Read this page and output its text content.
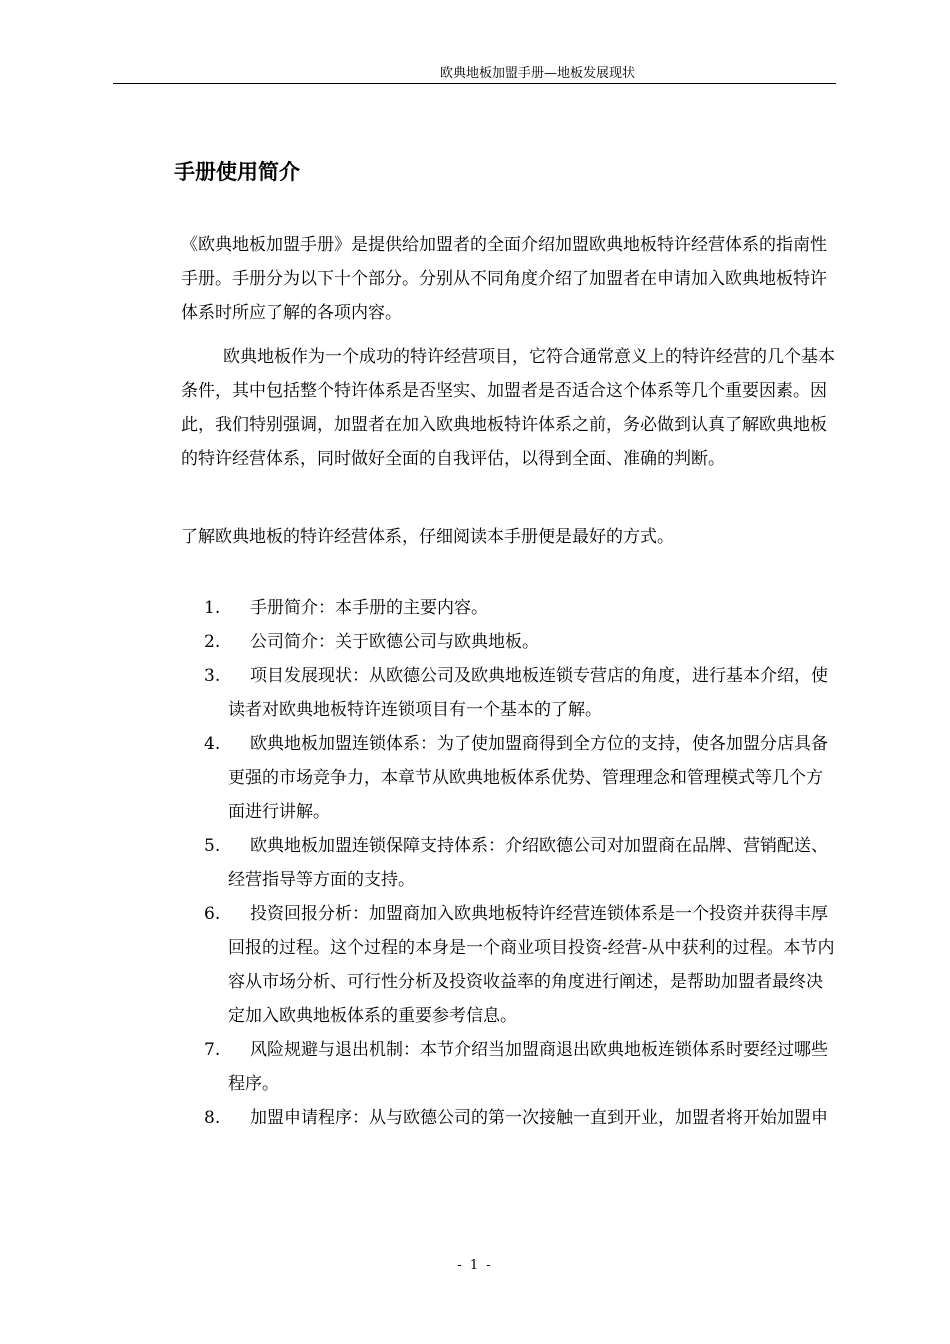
欧典地板加盟手册—地板发展现状
手册使用简介

《欧典地板加盟手册》是提供给加盟者的全面介绍加盟欧典地板特许经营体系的指南性手册。手册分为以下十个部分。分别从不同角度介绍了加盟者在申请加入欧典地板特许体系时所应了解的各项内容。

欧典地板作为一个成功的特许经营项目，它符合通常意义上的特许经营的几个基本条件，其中包括整个特许体系是否坚实、加盟者是否适合这个体系等几个重要因素。因此，我们特别强调，加盟者在加入欧典地板特许体系之前，务必做到认真了解欧典地板的特许经营体系，同时做好全面的自我评估，以得到全面、准确的判断。

了解欧典地板的特许经营体系，仔细阅读本手册便是最好的方式。

1.	手册简介：本手册的主要内容。
2.	公司简介：关于欧德公司与欧典地板。
3.	项目发展现状：从欧德公司及欧典地板连锁专营店的角度，进行基本介绍，使读者对欧典地板特许连锁项目有一个基本的了解。
4.	欧典地板加盟连锁体系：为了使加盟商得到全方位的支持，使各加盟分店具备更强的市场竞争力，本章节从欧典地板体系优势、管理理念和管理模式等几个方面进行讲解。
5.	欧典地板加盟连锁保障支持体系：介绍欧德公司对加盟商在品牌、营销配送、经营指导等方面的支持。
6.	投资回报分析：加盟商加入欧典地板特许经营连锁体系是一个投资并获得丰厚回报的过程。这个过程的本身是一个商业项目投资-经营-从中获利的过程。本节内容从市场分析、可行性分析及投资收益率的角度进行阐述，是帮助加盟者最终决定加入欧典地板体系的重要参考信息。
7.	风险规避与退出机制：本节介绍当加盟商退出欧典地板连锁体系时要经过哪些程序。
8.	加盟申请程序：从与欧德公司的第一次接触一直到开业，加盟者将开始加盟申
- 1 -
